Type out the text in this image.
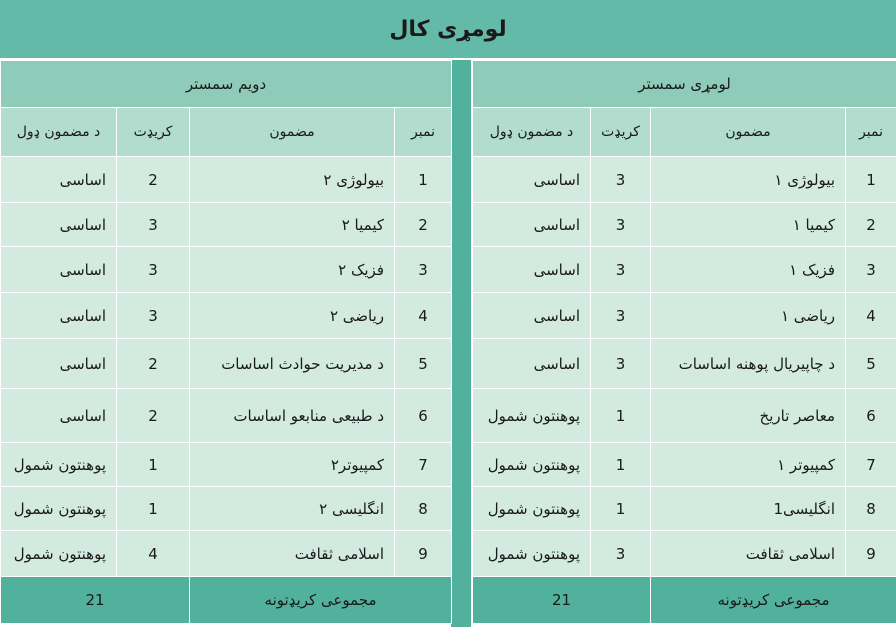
لومړی کال
لومړی سمستر			
د مضمون ډول	کریډت	مضمون	نمبر
اساسی	3	بیولوژی ۱	1
اساسی	3	کیمیا ۱	2
اساسی	3	فزیک ۱	3
اساسی	3	ریاضی ۱	4
اساسی	3	د چاپیریال پوهنه اساسات	5
پوهنتون شمول	1	معاصر تاریخ	6
پوهنتون شمول	1	کمپیوتر ۱	7
پوهنتون شمول	1	انگلیسی1	8
پوهنتون شمول	3	اسلامی ثقافت	9
21		مجموعی کریډتونه	
دویم سمستر			
د مضمون ډول	کریډت	مضمون	نمبر
اساسی	2	بیولوژی ۲	1
اساسی	3	کیمیا ۲	2
اساسی	3	فزیک ۲	3
اساسی	3	ریاضی ۲	4
اساسی	2	د مدیریت حوادث اساسات	5
اساسی	2	د طبیعی منابعو اساسات	6
پوهنتون شمول	1	کمپیوتر۲	7
پوهنتون شمول	1	انگلیسی ۲	8
پوهنتون شمول	4	اسلامی ثقافت	9
21		مجموعی کریډتونه	
